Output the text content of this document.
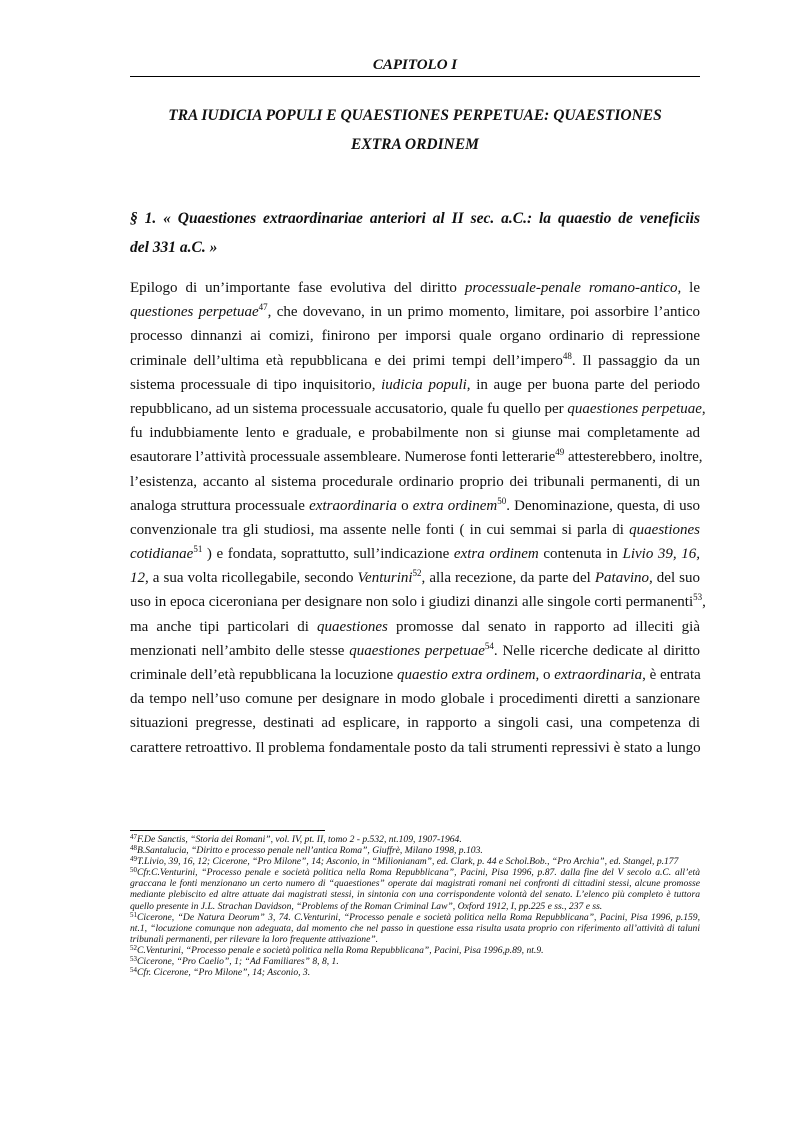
CAPITOLO I
TRA IUDICIA POPULI E QUAESTIONES PERPETUAE: QUAESTIONES
EXTRA ORDINEM
§ 1. « Quaestiones extraordinariae anteriori al II sec. a.C.: la quaestio de veneficiis
del 331 a.C. »
Epilogo di un’importante fase evolutiva del diritto processuale-penale romano-antico, le
questiones perpetuae$^{47}$, che dovevano, in un primo momento, limitare, poi assorbire l’antico
processo dinnanzi ai comizi, finirono per imporsi quale organo ordinario di repressione
criminale dell’ultima età repubblicana e dei primi tempi dell’impero$^{48}$. Il passaggio da un
sistema processuale di tipo inquisitorio, iudicia populi, in auge per buona parte del periodo
repubblicano, ad un sistema processuale accusatorio, quale fu quello per quaestiones perpetuae,
fu indubbiamente lento e graduale, e probabilmente non si giunse mai completamente ad
esautorare l’attività processuale assembleare. Numerose fonti letterarie$^{49}$ attesterebbero, inoltre,
l’esistenza, accanto al sistema procedurale ordinario proprio dei tribunali permanenti, di un
analoga struttura processuale extraordinaria o extra ordinem$^{50}$. Denominazione, questa, di uso
convenzionale tra gli studiosi, ma assente nelle fonti ( in cui semmai si parla di quaestiones
cotidianae$^{51}$ ) e fondata, soprattutto, sull’indicazione extra ordinem contenuta in Livio 39, 16,
12, a sua volta ricollegabile, secondo Venturini$^{52}$, alla recezione, da parte del Patavino, del suo
uso in epoca ciceroniana per designare non solo i giudizi dinanzi alle singole corti permanenti$^{53}$,
ma anche tipi particolari di quaestiones promosse dal senato in rapporto ad illeciti già
menzionati nell’ambito delle stesse quaestiones perpetuae$^{54}$. Nelle ricerche dedicate al diritto
criminale dell’età repubblicana la locuzione quaestio extra ordinem, o extraordinaria, è entrata
da tempo nell’uso comune per designare in modo globale i procedimenti diretti a sanzionare
situazioni pregresse, destinati ad esplicare, in rapporto a singoli casi, una competenza di
carattere retroattivo. Il problema fondamentale posto da tali strumenti repressivi è stato a lungo
$^{47}$F.De Sanctis, “Storia dei Romani”, vol. IV, pt. II, tomo 2 - p.532, nt.109, 1907-1964.
$^{48}$B.Santalucia, “Diritto e processo penale nell’antica Roma”, Giuffrè, Milano 1998, p.103.
$^{49}$T.Livio, 39, 16, 12; Cicerone, “Pro Milone”, 14; Asconio, in “Milionianam”, ed. Clark, p. 44 e Schol.Bob., “Pro Archia”, ed. Stangel, p.177
$^{50}$Cfr.C.Venturini, “Processo penale e società politica nella Roma Repubblicana”, Pacini, Pisa 1996, p.87. dalla fine del V secolo a.C. all’età graccana le fonti menzionano un certo numero di “quaestiones” operate dai magistrati romani nei confronti di cittadini stessi, alcune promosse mediante plebiscito ed altre attuate dai magistrati stessi, in sintonia con una corrispondente volontà del senato. L’elenco più completo è tuttora quello presente in J.L. Strachan Davidson, “Problems of the Roman Criminal Law”, Oxford 1912, I, pp.225 e ss., 237 e ss.
$^{51}$Cicerone, “De Natura Deorum” 3, 74. C.Venturini, “Processo penale e società politica nella Roma Repubblicana”, Pacini, Pisa 1996, p.159, nt.1, “locuzione comunque non adeguata, dal momento che nel passo in questione essa risulta usata proprio con riferimento all’attività di taluni tribunali permanenti, per rilevare la loro frequente attivazione”.
$^{52}$C.Venturini, “Processo penale e società politica nella Roma Repubblicana”, Pacini, Pisa 1996,p.89, nt.9.
$^{53}$Cicerone, “Pro Caelio”, 1; “Ad Familiares” 8, 8, 1.
$^{54}$Cfr. Cicerone, “Pro Milone”, 14; Asconio, 3.
